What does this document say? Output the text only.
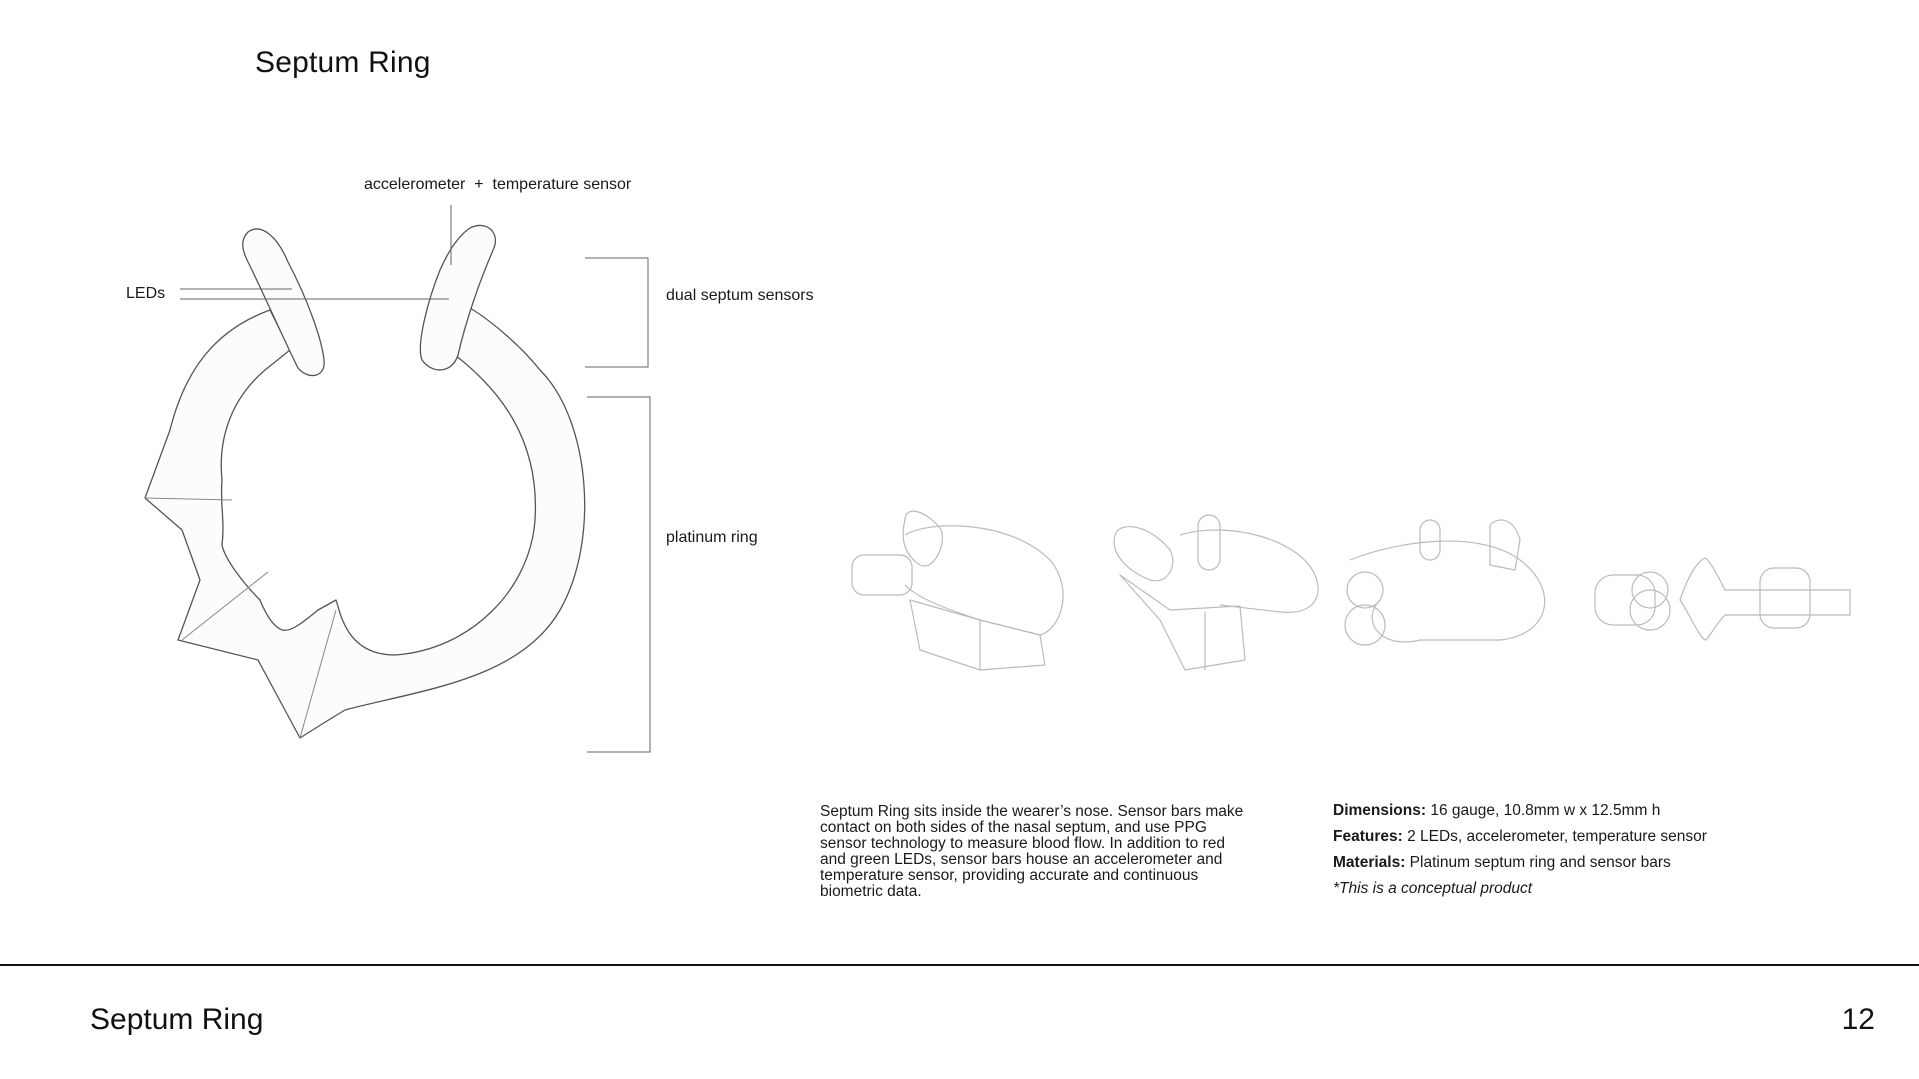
Septum Ring
accelerometer  +  temperature sensor
LEDs	dual septum sensors
platinum ring
Septum Ring sits inside the wearer’s nose. Sensor bars make contact on both sides of the nasal septum, and use PPG sensor technology to measure blood flow. In addition to red and green LEDs, sensor bars house an accelerometer and temperature sensor, providing accurate and continuous biometric data.

Dimensions: 16 gauge, 10.8mm w x 12.5mm h

Features: 2 LEDs, accelerometer, temperature sensor

Materials: Platinum septum ring and sensor bars

*This is a conceptual product

Septum Ring	12
